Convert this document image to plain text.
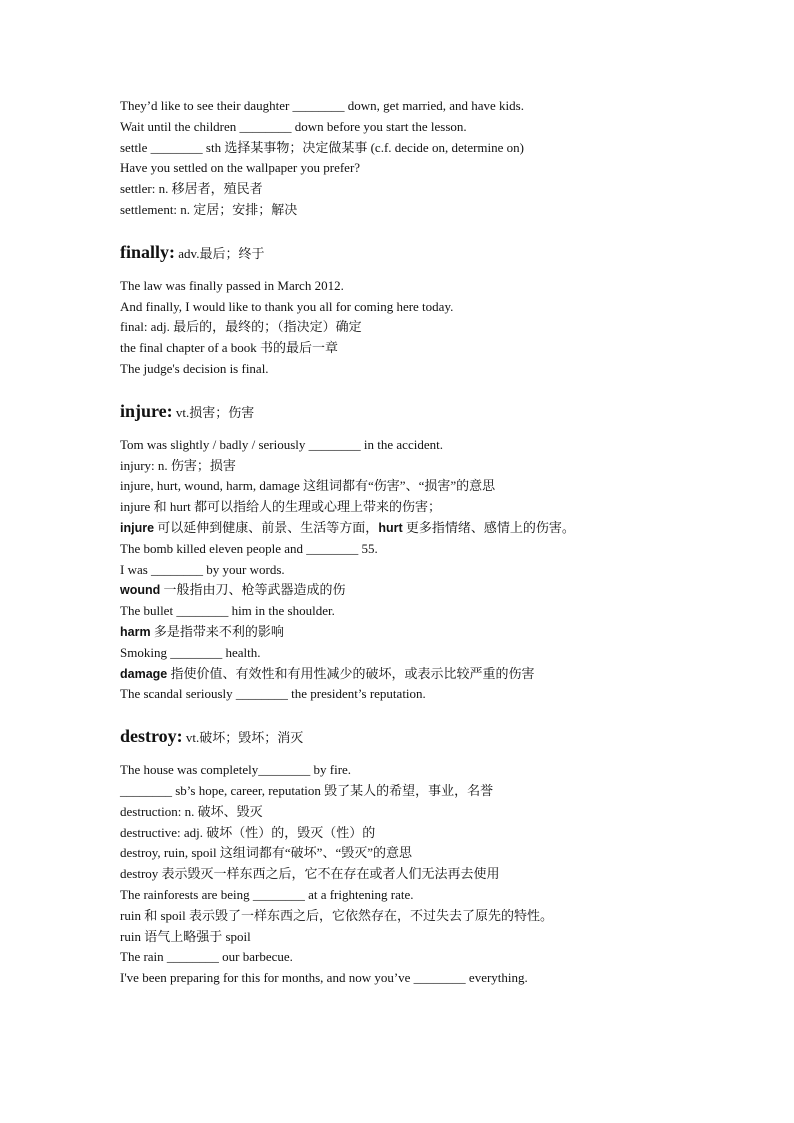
They’d like to see their daughter ________ down, get married, and have kids.

Wait until the children ________ down before you start the lesson.

settle ________ sth 选择某事物；决定做某事 (c.f. decide on, determine on)

Have you settled on the wallpaper you prefer?

settler: n. 移居者，殖民者

settlement: n. 定居；安排；解决

finally: adv.最后；终于

The law was finally passed in March 2012.

And finally, I would like to thank you all for coming here today.

final: adj. 最后的，最终的；（指决定）确定

the final chapter of a book 书的最后一章

The judge's decision is final.

injure: vt.损害；伤害

Tom was slightly / badly / seriously ________ in the accident.

injury: n. 伤害；损害

injure, hurt, wound, harm, damage 这组词都有“伤害”、“损害”的意思

injure 和 hurt 都可以指给人的生理或心理上带来的伤害；

injure 可以延伸到健康、前景、生活等方面，hurt 更多指情绪、感情上的伤害。

The bomb killed eleven people and ________ 55.

I was ________ by your words.

wound 一般指由刀、枪等武器造成的伤

The bullet ________ him in the shoulder.

harm 多是指带来不利的影响

Smoking ________ health.

damage 指使价值、有效性和有用性减少的破坏，或表示比较严重的伤害

The scandal seriously ________ the president’s reputation.

destroy: vt.破坏；毁坏；消灭

The house was completely________ by fire.

________ sb’s hope, career, reputation 毁了某人的希望，事业，名誉

destruction: n. 破坏、毁灭

destructive: adj. 破坏（性）的，毁灭（性）的

destroy, ruin, spoil 这组词都有“破坏”、“毁灭”的意思

destroy 表示毁灭一样东西之后，它不在存在或者人们无法再去使用

The rainforests are being ________ at a frightening rate.

ruin 和 spoil 表示毁了一样东西之后，它依然存在，不过失去了原先的特性。

ruin 语气上略强于 spoil

The rain ________ our barbecue.

I've been preparing for this for months, and now you’ve ________ everything.
